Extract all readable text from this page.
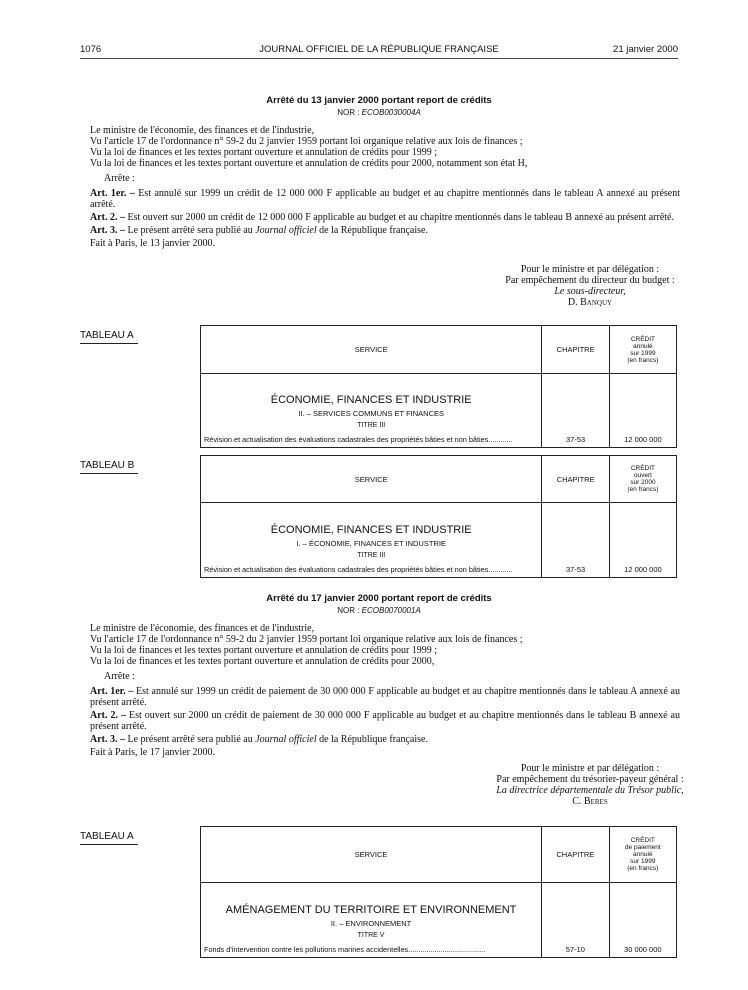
1076	JOURNAL OFFICIEL DE LA RÉPUBLIQUE FRANÇAISE	21 janvier 2000
Arrêté du 13 janvier 2000 portant report de crédits
NOR : ECOB0030004A

Le ministre de l'économie, des finances et de l'industrie,

Vu l'article 17 de l'ordonnance n° 59-2 du 2 janvier 1959 portant loi organique relative aux lois de finances ;

Vu la loi de finances et les textes portant ouverture et annulation de crédits pour 1999 ;

Vu la loi de finances et les textes portant ouverture et annulation de crédits pour 2000, notamment son état H,

Arrête :

Art. 1er. – Est annulé sur 1999 un crédit de 12 000 000 F applicable au budget et au chapitre mentionnés dans le tableau A annexé au présent arrêté.

Art. 2. – Est ouvert sur 2000 un crédit de 12 000 000 F applicable au budget et au chapitre mentionnés dans le tableau B annexé au présent arrêté.

Art. 3. – Le présent arrêté sera publié au Journal officiel de la République française.

Fait à Paris, le 13 janvier 2000.

Pour le ministre et par délégation :

Par empêchement du directeur du budget :

Le sous-directeur,

D. Banquy

TABLEAU A
SERVICE	CHAPITRE	CRÉDIT
annulé
sur 1999
(en francs)

ÉCONOMIE, FINANCES ET INDUSTRIE
II. – SERVICES COMMUNS ET FINANCES
TITRE III
Révision et actualisation des évaluations cadastrales des propriétés bâties et non bâties............	37-53	12 000 000
TABLEAU B
SERVICE	CHAPITRE	CRÉDIT
ouvert
sur 2000
(en francs)

ÉCONOMIE, FINANCES ET INDUSTRIE
I. – ÉCONOMIE, FINANCES ET INDUSTRIE
TITRE III
Révision et actualisation des évaluations cadastrales des propriétés bâties et non bâties............	37-53	12 000 000
Arrêté du 17 janvier 2000 portant report de crédits
NOR : ECOB0070001A

Le ministre de l'économie, des finances et de l'industrie,

Vu l'article 17 de l'ordonnance n° 59-2 du 2 janvier 1959 portant loi organique relative aux lois de finances ;

Vu la loi de finances et les textes portant ouverture et annulation de crédits pour 1999 ;

Vu la loi de finances et les textes portant ouverture et annulation de crédits pour 2000,

Arrête :

Art. 1er. – Est annulé sur 1999 un crédit de paiement de 30 000 000 F applicable au budget et au chapitre mentionnés dans le tableau A annexé au présent arrêté.

Art. 2. – Est ouvert sur 2000 un crédit de paiement de 30 000 000 F applicable au budget et au chapitre mentionnés dans le tableau B annexé au présent arrêté.

Art. 3. – Le présent arrêté sera publié au Journal officiel de la République française.

Fait à Paris, le 17 janvier 2000.

Pour le ministre et par délégation :

Par empêchement du trésorier-payeur général :

La directrice départementale du Trésor public,

C. Beres

TABLEAU A
SERVICE	CHAPITRE	CRÉDIT
de paiement
annulé
sur 1999
(en francs)

AMÉNAGEMENT DU TERRITOIRE ET ENVIRONNEMENT
II. – ENVIRONNEMENT
TITRE V
Fonds d'intervention contre les pollutions marines accidentelles......................................	57-10	30 000 000
